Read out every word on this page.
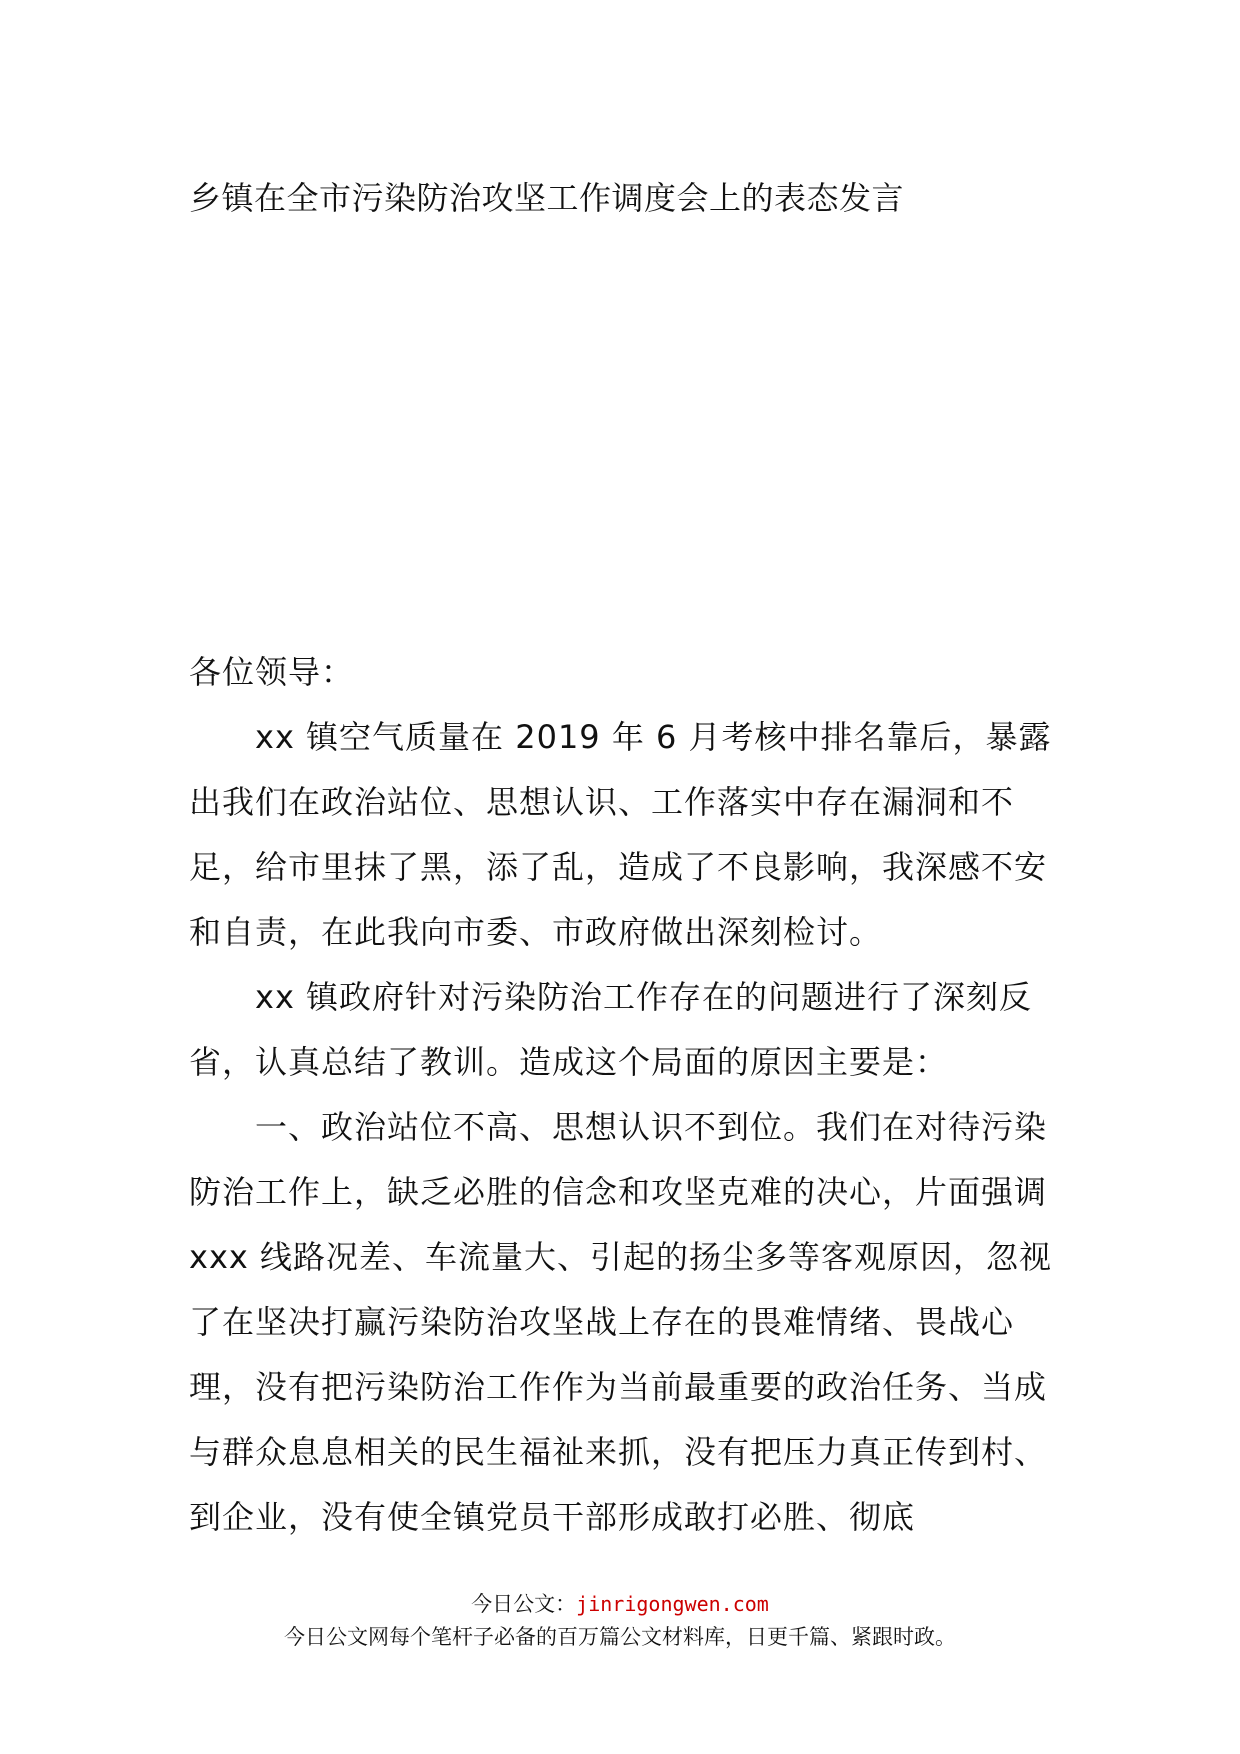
乡镇在全市污染防治攻坚工作调度会上的表态发言

各位领导：

xx 镇空气质量在 2019 年 6 月考核中排名靠后，暴露出我们在政治站位、思想认识、工作落实中存在漏洞和不足，给市里抹了黑，添了乱，造成了不良影响，我深感不安和自责，在此我向市委、市政府做出深刻检讨。

xx 镇政府针对污染防治工作存在的问题进行了深刻反省，认真总结了教训。造成这个局面的原因主要是：

一、政治站位不高、思想认识不到位。我们在对待污染防治工作上，缺乏必胜的信念和攻坚克难的决心，片面强调 xxx 线路况差、车流量大、引起的扬尘多等客观原因，忽视了在坚决打赢污染防治攻坚战上存在的畏难情绪、畏战心理，没有把污染防治工作作为当前最重要的政治任务、当成与群众息息相关的民生福祉来抓，没有把压力真正传到村、到企业，没有使全镇党员干部形成敢打必胜、彻底

今日公文：jinrigongwen.com
今日公文网每个笔杆子必备的百万篇公文材料库，日更千篇、紧跟时政。
